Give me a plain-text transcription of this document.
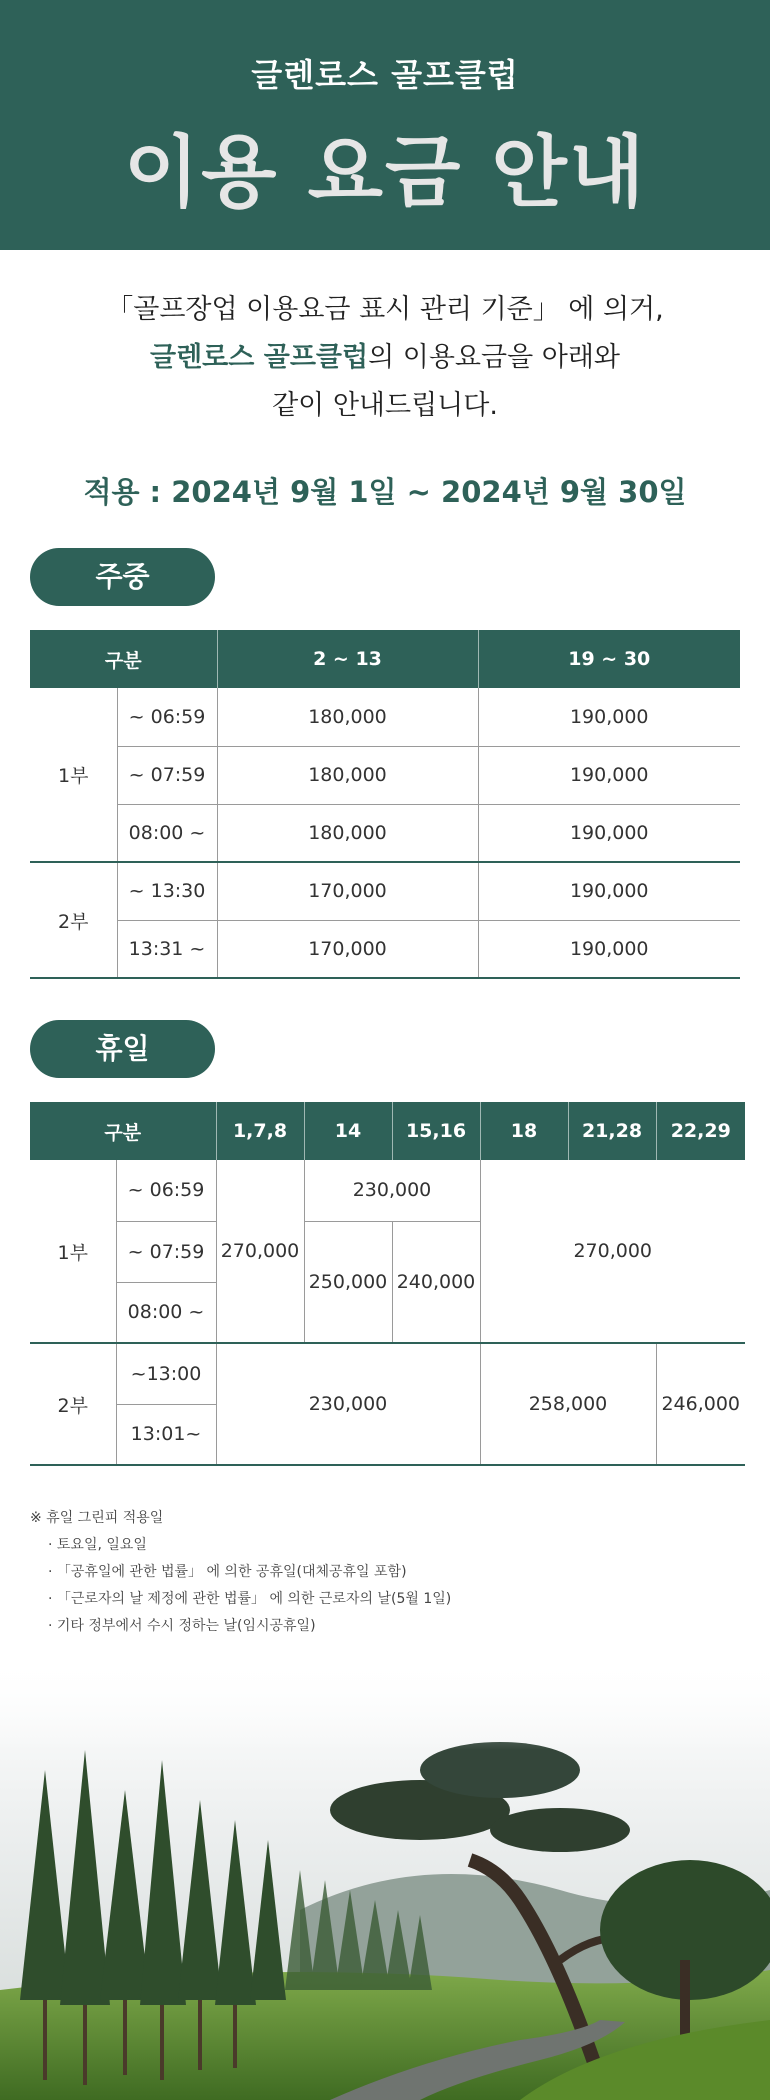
글렌로스 골프클럽
이용 요금 안내
「골프장업 이용요금 표시 관리 기준」 에 의거,
글렌로스 골프클럽의 이용요금을 아래와
같이 안내드립니다.
적용 : 2024년 9월 1일 ~ 2024년 9월 30일
주중
구분		2 ~ 13	19 ~ 30
1부	~ 06:59	180,000	190,000
	~ 07:59	180,000	190,000
	08:00 ~	180,000	190,000
2부	~ 13:30	170,000	190,000
	13:31 ~	170,000	190,000
휴일
구분		1,7,8	14	15,16	18	21,28	22,29
1부	~ 06:59	270,000	230,000		270,000		
	~ 07:59		250,000	240,000			
	08:00 ~						
2부	~13:00	230,000			258,000		246,000
	13:01~						
※ 휴일 그린피 적용일
· 토요일, 일요일
· 「공휴일에 관한 법률」 에 의한 공휴일(대체공휴일 포함)
· 「근로자의 날 제정에 관한 법률」 에 의한 근로자의 날(5월 1일)
· 기타 정부에서 수시 정하는 날(임시공휴일)
